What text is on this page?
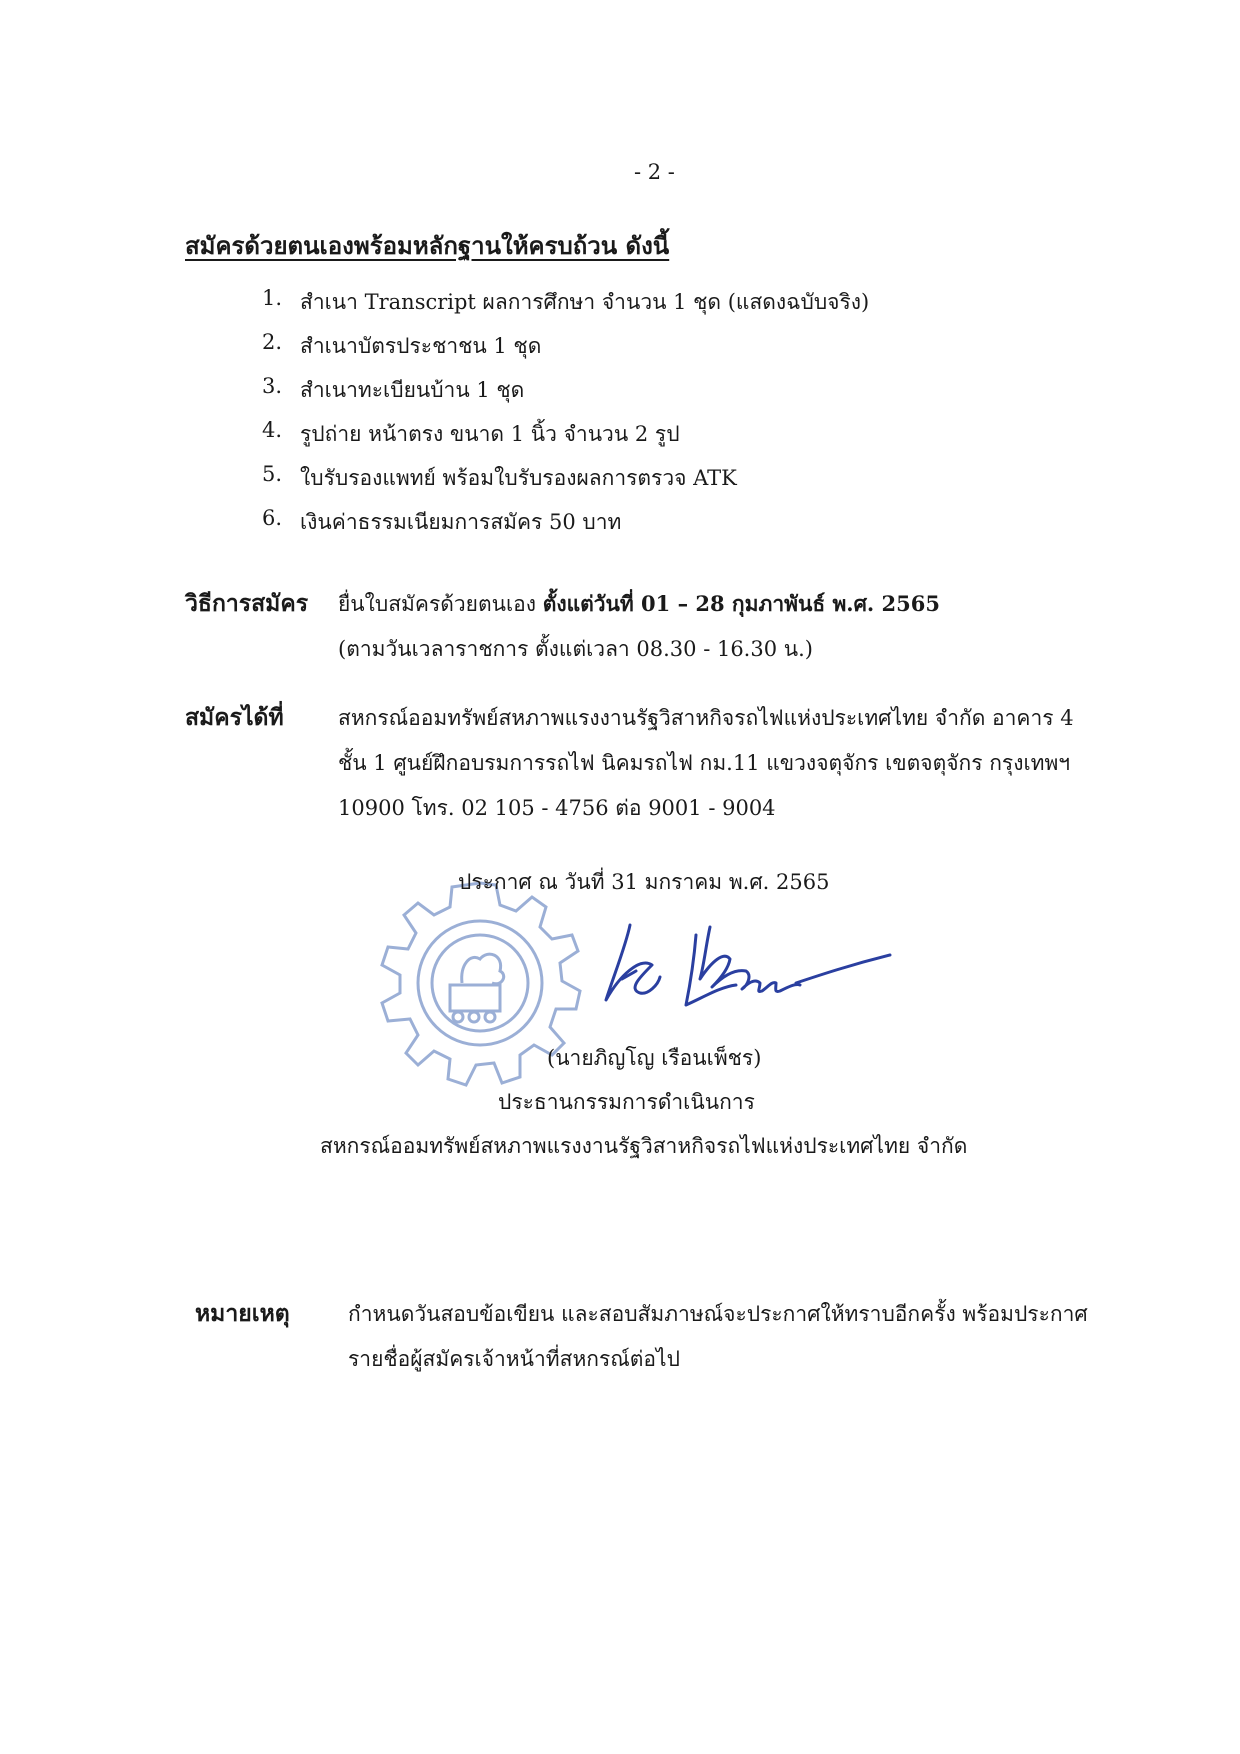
- 2 -
สมัครด้วยตนเองพร้อมหลักฐานให้ครบถ้วน ดังนี้
1. สำเนา Transcript ผลการศึกษา จำนวน 1 ชุด (แสดงฉบับจริง)
2. สำเนาบัตรประชาชน 1 ชุด
3. สำเนาทะเบียนบ้าน 1 ชุด
4. รูปถ่าย หน้าตรง ขนาด 1 นิ้ว จำนวน 2 รูป
5. ใบรับรองแพทย์ พร้อมใบรับรองผลการตรวจ ATK
6. เงินค่าธรรมเนียมการสมัคร 50 บาท
วิธีการสมัคร ยื่นใบสมัครด้วยตนเอง ตั้งแต่วันที่ 01 – 28 กุมภาพันธ์ พ.ศ. 2565
(ตามวันเวลาราชการ ตั้งแต่เวลา 08.30 - 16.30 น.)
สมัครได้ที่	สหกรณ์ออมทรัพย์สหภาพแรงงานรัฐวิสาหกิจรถไฟแห่งประเทศไทย จำกัด อาคาร 4
ชั้น 1 ศูนย์ฝึกอบรมการรถไฟ นิคมรถไฟ กม.11 แขวงจตุจักร เขตจตุจักร กรุงเทพฯ
10900 โทร. 02 105 - 4756 ต่อ 9001 - 9004
ประกาศ ณ วันที่ 31 มกราคม พ.ศ. 2565
(นายภิญโญ เรือนเพ็ชร)
ประธานกรรมการดำเนินการ
สหกรณ์ออมทรัพย์สหภาพแรงงานรัฐวิสาหกิจรถไฟแห่งประเทศไทย จำกัด
หมายเหตุ	กำหนดวันสอบข้อเขียน และสอบสัมภาษณ์จะประกาศให้ทราบอีกครั้ง พร้อมประกาศ
รายชื่อผู้สมัครเจ้าหน้าที่สหกรณ์ต่อไป
